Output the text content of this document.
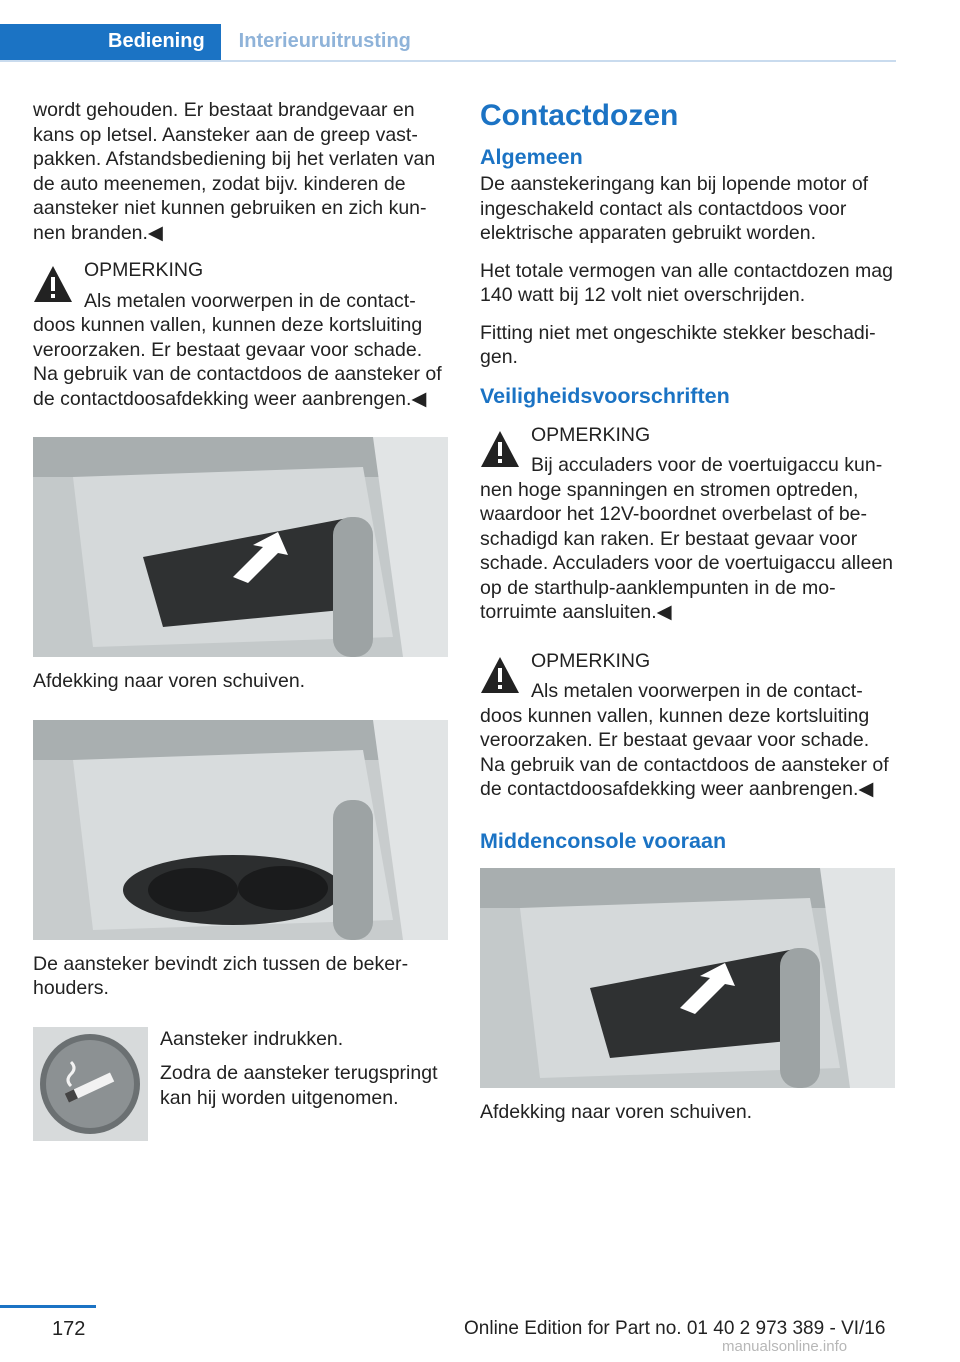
Bediening	Interieuruitrusting

wordt gehouden. Er bestaat brandgevaar en kans op letsel. Aansteker aan de greep vastpakken. Afstandsbediening bij het verlaten van de auto meenemen, zodat bijv. kinderen de aansteker niet kunnen gebruiken en zich kunnen branden.◀

OPMERKING

Als metalen voorwerpen in de contactdoos kunnen vallen, kunnen deze kortsluiting veroorzaken. Er bestaat gevaar voor schade. Na gebruik van de contactdoos de aansteker of de contactdoosafdekking weer aanbrengen.◀

Afdekking naar voren schuiven.

De aansteker bevindt zich tussen de bekerhouders.

Aansteker indrukken.

Zodra de aansteker terugspringt kan hij worden uitgenomen.

Contactdozen
Algemeen

De aanstekeringang kan bij lopende motor of ingeschakeld contact als contactdoos voor elektrische apparaten gebruikt worden.

Het totale vermogen van alle contactdozen mag 140 watt bij 12 volt niet overschrijden.

Fitting niet met ongeschikte stekker beschadigen.

Veiligheidsvoorschriften

OPMERKING

Bij acculaders voor de voertuigaccu kunnen hoge spanningen en stromen optreden, waardoor het 12V-boordnet overbelast of beschadigd kan raken. Er bestaat gevaar voor schade. Acculaders voor de voertuigaccu alleen op de starthulp-aanklempunten in de motorruimte aansluiten.◀

OPMERKING

Als metalen voorwerpen in de contactdoos kunnen vallen, kunnen deze kortsluiting veroorzaken. Er bestaat gevaar voor schade. Na gebruik van de contactdoos de aansteker of de contactdoosafdekking weer aanbrengen.◀

Middenconsole vooraan

Afdekking naar voren schuiven.

172	Online Edition for Part no. 01 40 2 973 389 - VI/16
manualsonline.info
